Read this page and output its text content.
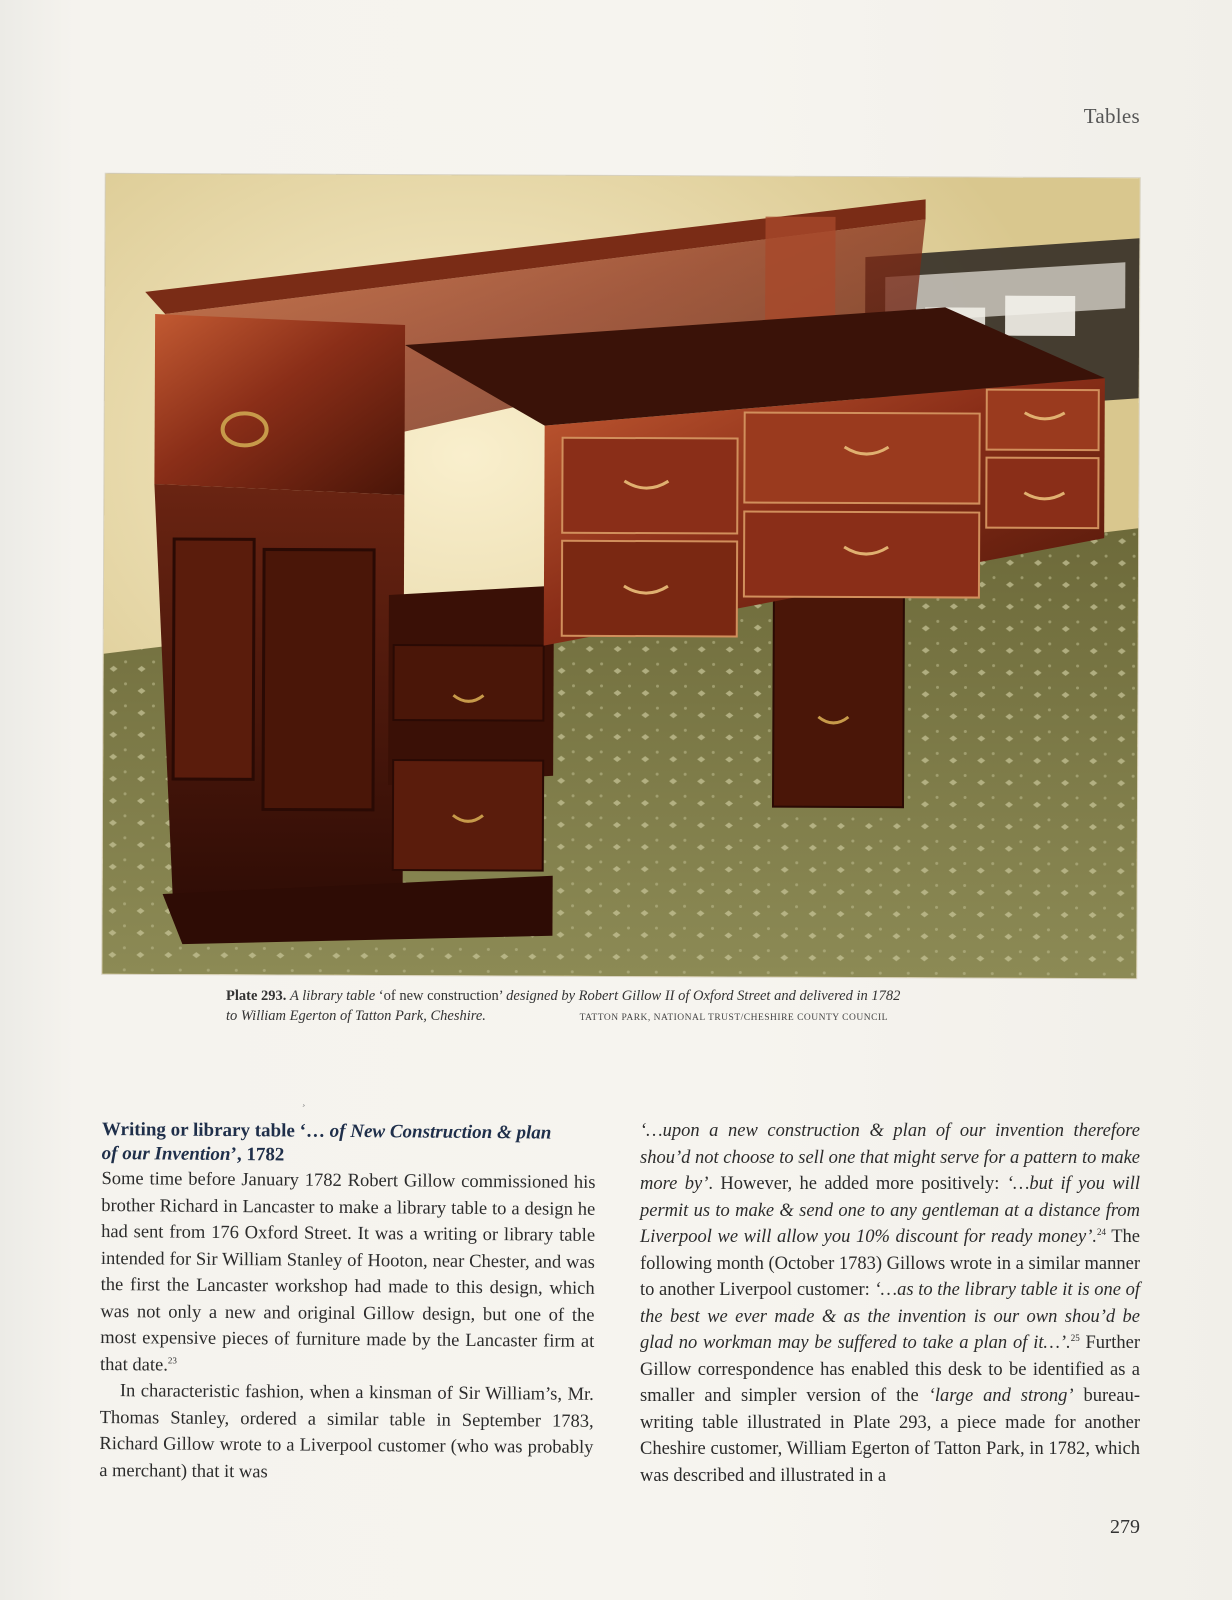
Tables
Plate 293. A library table ‘of new construction’ designed by Robert Gillow II of Oxford Street and delivered in 1782
to William Egerton of Tatton Park, Cheshire.	TATTON PARK, NATIONAL TRUST/CHESHIRE COUNTY COUNCIL
¸
Writing or library table ‘… of New Construction & plan
of our Invention’, 1782

Some time before January 1782 Robert Gillow commissioned his brother Richard in Lancaster to make a library table to a design he had sent from 176 Oxford Street. It was a writing or library table intended for Sir William Stanley of Hooton, near Chester, and was the first the Lancaster workshop had made to this design, which was not only a new and original Gillow design, but one of the most expensive pieces of furniture made by the Lancaster firm at that date.$^{23}$

In characteristic fashion, when a kinsman of Sir William’s, Mr. Thomas Stanley, ordered a similar table in September 1783, Richard Gillow wrote to a Liverpool customer (who was probably a merchant) that it was

‘…upon a new construction & plan of our invention therefore shou’d not choose to sell one that might serve for a pattern to make more by’. However, he added more positively: ‘…but if you will permit us to make & send one to any gentleman at a distance from Liverpool we will allow you 10% discount for ready money’.$^{24}$ The following month (October 1783) Gillows wrote in a similar manner to another Liverpool customer: ‘…as to the library table it is one of the best we ever made & as the invention is our own shou’d be glad no workman may be suffered to take a plan of it…’.$^{25}$ Further Gillow correspondence has enabled this desk to be identified as a smaller and simpler version of the ‘large and strong’ bureau-writing table illustrated in Plate 293, a piece made for another Cheshire customer, William Egerton of Tatton Park, in 1782, which was described and illustrated in a

279
